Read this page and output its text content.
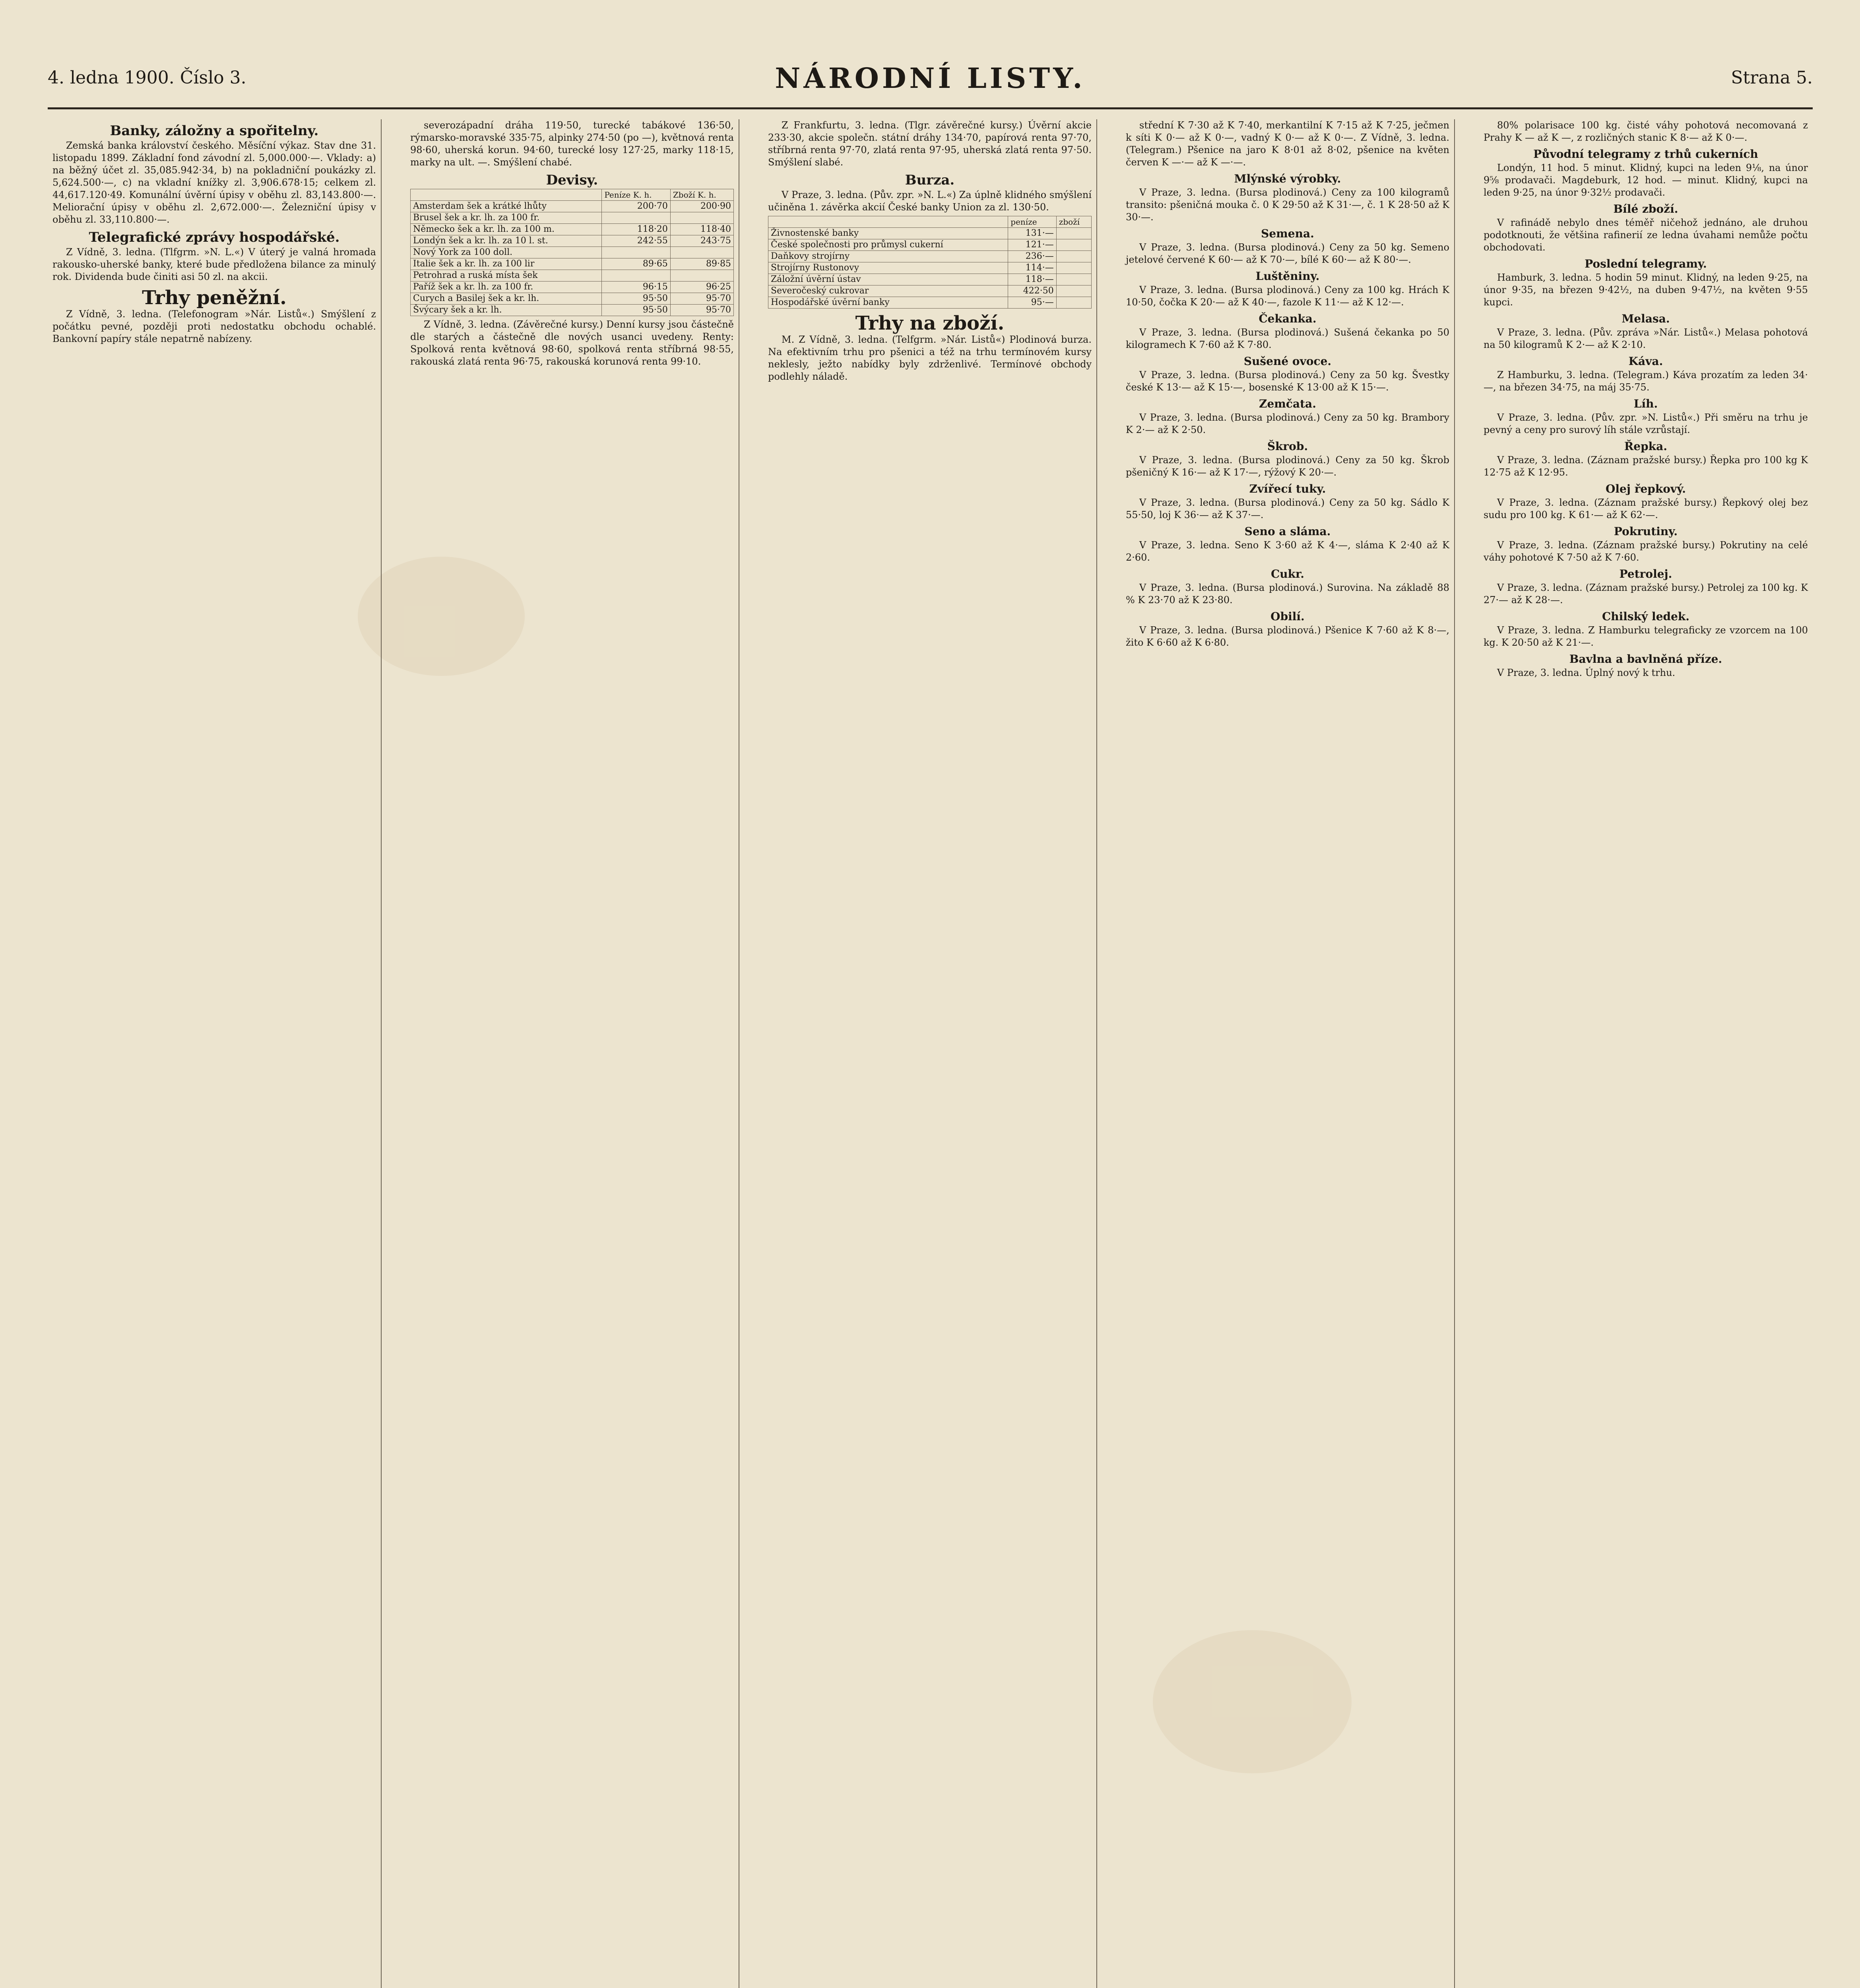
4. ledna 1900. Číslo 3.	NÁRODNÍ LISTY.	Strana 5.
Banky, záložny a spořitelny.

Zemská banka království českého. Měsíční výkaz. Stav dne 31. listopadu 1899. Základní fond závodní zl. 5,000.000·—. Vklady: a) na běžný účet zl. 35,085.942·34, b) na pokladniční poukázky zl. 5,624.500·—, c) na vkladní knížky zl. 3,906.678·15; celkem zl. 44,617.120·49. Komunální úvěrní úpisy v oběhu zl. 83,143.800·—. Meliorační úpisy v oběhu zl. 2,672.000·—. Železniční úpisy v oběhu zl. 33,110.800·—.

Telegrafické zprávy hospodářské.

Z Vídně, 3. ledna. (Tlfgrm. »N. L.«) V úterý je valná hromada rakousko-uherské banky, které bude předložena bilance za minulý rok. Dividenda bude činiti asi 50 zl. na akcii.

Trhy peněžní.

Z Vídně, 3. ledna. (Telefonogram »Nár. Listů«.) Smýšlení z počátku pevné, později proti nedostatku obchodu ochablé. Bankovní papíry stále nepatrně nabízeny.

severozápadní dráha 119·50, turecké tabákové 136·50, rýmarsko-moravské 335·75, alpinky 274·50 (po —), květnová renta 98·60, uherská korun. 94·60, turecké losy 127·25, marky 118·15, marky na ult. —. Smýšlení chabé.

Devisy.
	Peníze K. h.	Zboží K. h.
Amsterdam šek a krátké lhůty	200·70	200·90
Brusel šek a kr. lh. za 100 fr.		
Německo šek a kr. lh. za 100 m.	118·20	118·40
Londýn šek a kr. lh. za 10 l. st.	242·55	243·75
Nový York za 100 doll.		
Italie šek a kr. lh. za 100 lir	89·65	89·85
Petrohrad a ruská místa šek		
Paříž šek a kr. lh. za 100 fr.	96·15	96·25
Curych a Basilej šek a kr. lh.	95·50	95·70
Švýcary šek a kr. lh.	95·50	95·70

Z Vídně, 3. ledna. (Závěrečné kursy.) Denní kursy jsou částečně dle starých a částečně dle nových usanci uvedeny. Renty: Spolková renta květnová 98·60, spolková renta stříbrná 98·55, rakouská zlatá renta 96·75, rakouská korunová renta 99·10.

Z Frankfurtu, 3. ledna. (Tlgr. závěrečné kursy.) Úvěrní akcie 233·30, akcie společn. státní dráhy 134·70, papírová renta 97·70, stříbrná renta 97·70, zlatá renta 97·95, uherská zlatá renta 97·50. Smýšlení slabé.

Burza.

V Praze, 3. ledna. (Pův. zpr. »N. L.«) Za úplně klidného smýšlení učiněna 1. závěrka akcií České banky Union za zl. 130·50.

	peníze	zboží
Živnostenské banky	131·—	
České společnosti pro průmysl cukerní	121·—	
Daňkovy strojírny	236·—	
Strojírny Rustonovy	114·—	
Záložní úvěrní ústav	118·—	
Severočeský cukrovar	422·50	
Hospodářské úvěrní banky	95·—	
Trhy na zboží.

M. Z Vídně, 3. ledna. (Telfgrm. »Nár. Listů«) Plodinová burza. Na efektivním trhu pro pšenici a též na trhu termínovém kursy neklesly, ježto nabídky byly zdrženlivé. Termínové obchody podlehly náladě.

střední K 7·30 až K 7·40, merkantilní K 7·15 až K 7·25, ječmen k síti K 0·— až K 0·—, vadný K 0·— až K 0·—. Z Vídně, 3. ledna. (Telegram.) Pšenice na jaro K 8·01 až 8·02, pšenice na květen červen K —·— až K —·—.

Mlýnské výrobky.

V Praze, 3. ledna. (Bursa plodinová.) Ceny za 100 kilogramů transito: pšeničná mouka č. 0 K 29·50 až K 31·—, č. 1 K 28·50 až K 30·—.

Semena.

V Praze, 3. ledna. (Bursa plodinová.) Ceny za 50 kg. Semeno jetelové červené K 60·— až K 70·—, bílé K 60·— až K 80·—.

Luštěniny.

V Praze, 3. ledna. (Bursa plodinová.) Ceny za 100 kg. Hrách K 10·50, čočka K 20·— až K 40·—, fazole K 11·— až K 12·—.

Čekanka.

V Praze, 3. ledna. (Bursa plodinová.) Sušená čekanka po 50 kilogramech K 7·60 až K 7·80.

Sušené ovoce.

V Praze, 3. ledna. (Bursa plodinová.) Ceny za 50 kg. Švestky české K 13·— až K 15·—, bosenské K 13·00 až K 15·—.

Zemčata.

V Praze, 3. ledna. (Bursa plodinová.) Ceny za 50 kg. Brambory K 2·— až K 2·50.

Škrob.

V Praze, 3. ledna. (Bursa plodinová.) Ceny za 50 kg. Škrob pšeničný K 16·— až K 17·—, rýžový K 20·—.

Zvířecí tuky.

V Praze, 3. ledna. (Bursa plodinová.) Ceny za 50 kg. Sádlo K 55·50, loj K 36·— až K 37·—.

Seno a sláma.

V Praze, 3. ledna. Seno K 3·60 až K 4·—, sláma K 2·40 až K 2·60.

Cukr.

V Praze, 3. ledna. (Bursa plodinová.) Surovina. Na základě 88 % K 23·70 až K 23·80.

Obilí.

V Praze, 3. ledna. (Bursa plodinová.) Pšenice K 7·60 až K 8·—, žito K 6·60 až K 6·80.

80% polarisace 100 kg. čisté váhy pohotová necomovaná z Prahy K — až K —, z rozličných stanic K 8·— až K 0·—.

Původní telegramy z trhů cukerních

Londýn, 11 hod. 5 minut. Klidný, kupci na leden 9⅛, na únor 9⅝ prodavači. Magdeburk, 12 hod. — minut. Klidný, kupci na leden 9·25, na únor 9·32½ prodavači.

Bílé zboží.

V rafinádě nebylo dnes téměř ničehož jednáno, ale druhou podotknouti, že většina rafinerií ze ledna úvahami nemůže počtu obchodovati.

Poslední telegramy.

Hamburk, 3. ledna. 5 hodin 59 minut. Klidný, na leden 9·25, na únor 9·35, na březen 9·42½, na duben 9·47½, na květen 9·55 kupci.

Melasa.

V Praze, 3. ledna. (Pův. zpráva »Nár. Listů«.) Melasa pohotová na 50 kilogramů K 2·— až K 2·10.

Káva.

Z Hamburku, 3. ledna. (Telegram.) Káva prozatím za leden 34·—, na březen 34·75, na máj 35·75.

Líh.

V Praze, 3. ledna. (Pův. zpr. »N. Listů«.) Při směru na trhu je pevný a ceny pro surový líh stále vzrůstají.

Řepka.

V Praze, 3. ledna. (Záznam pražské bursy.) Řepka pro 100 kg K 12·75 až K 12·95.

Olej řepkový.

V Praze, 3. ledna. (Záznam pražské bursy.) Řepkový olej bez sudu pro 100 kg. K 61·— až K 62·—.

Pokrutiny.

V Praze, 3. ledna. (Záznam pražské bursy.) Pokrutiny na celé váhy pohotové K 7·50 až K 7·60.

Petrolej.

V Praze, 3. ledna. (Záznam pražské bursy.) Petrolej za 100 kg. K 27·— až K 28·—.

Chilský ledek.

V Praze, 3. ledna. Z Hamburku telegraficky ze vzorcem na 100 kg. K 20·50 až K 21·—.

Bavlna a bavlněná příze.

V Praze, 3. ledna. Úplný nový k trhu.
